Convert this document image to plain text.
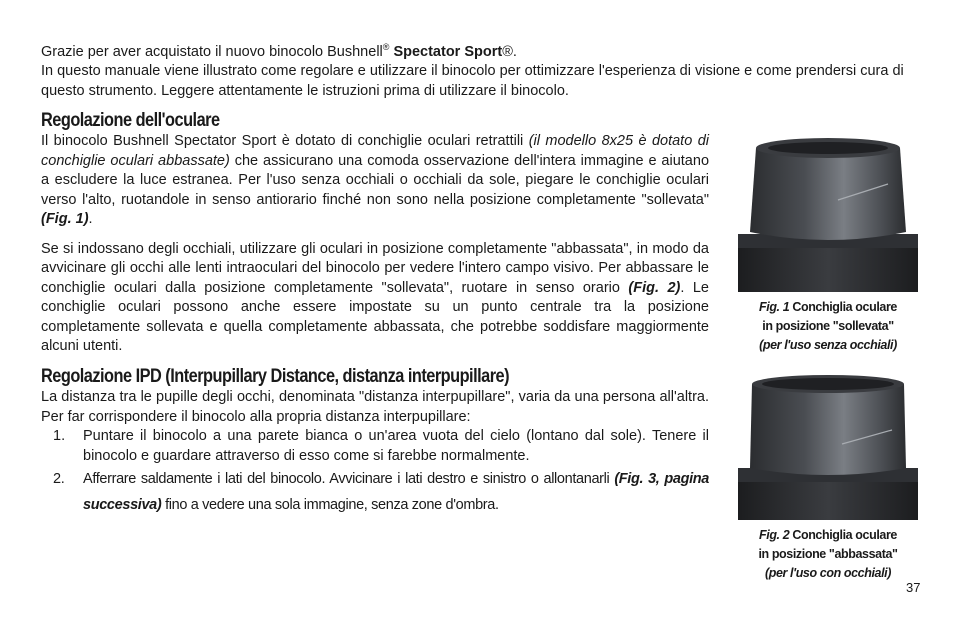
Grazie per aver acquistato il nuovo binocolo Bushnell® Spectator Sport®.

In questo manuale viene illustrato come regolare e utilizzare il binocolo per ottimizzare l'esperienza di visione e come prendersi cura di questo strumento. Leggere attentamente le istruzioni prima di utilizzare il binocolo.

Regolazione dell'oculare

Il binocolo Bushnell Spectator Sport è dotato di conchiglie oculari retrattili (il modello 8x25 è dotato di conchiglie oculari abbassate) che assicurano una comoda osservazione dell'intera immagine e aiutano a escludere la luce estranea. Per l'uso senza occhiali o occhiali da sole, piegare le conchiglie oculari verso l'alto, ruotandole in senso antiorario finché non sono nella posizione completamente "sollevata" (Fig. 1).

Se si indossano degli occhiali, utilizzare gli oculari in posizione completamente "abbassata", in modo da avvicinare gli occhi alle lenti intraoculari del binocolo per vedere l'intero campo visivo. Per abbassare le conchiglie oculari dalla posizione completamente "sollevata", ruotare in senso orario (Fig. 2). Le conchiglie oculari possono anche essere impostate su un punto centrale tra la posizione completamente sollevata e quella completamente abbassata, che potrebbe soddisfare maggiormente alcuni utenti.

Regolazione IPD (Interpupillary Distance, distanza interpupillare)

La distanza tra le pupille degli occhi, denominata "distanza interpupillare", varia da una persona all'altra. Per far corrispondere il binocolo alla propria distanza interpupillare:

1. Puntare il binocolo a una parete bianca o un'area vuota del cielo (lontano dal sole). Tenere il binocolo e guardare attraverso di esso come si farebbe normalmente.
2. Afferrare saldamente i lati del binocolo. Avvicinare i lati destro e sinistro o allontanarli (Fig. 3, pagina successiva) fino a vedere una sola immagine, senza zone d'ombra.
Fig. 1 Conchiglia oculare
in posizione "sollevata"
(per l'uso senza occhiali)
Fig. 2 Conchiglia oculare
in posizione "abbassata"
(per l'uso con occhiali)
37
